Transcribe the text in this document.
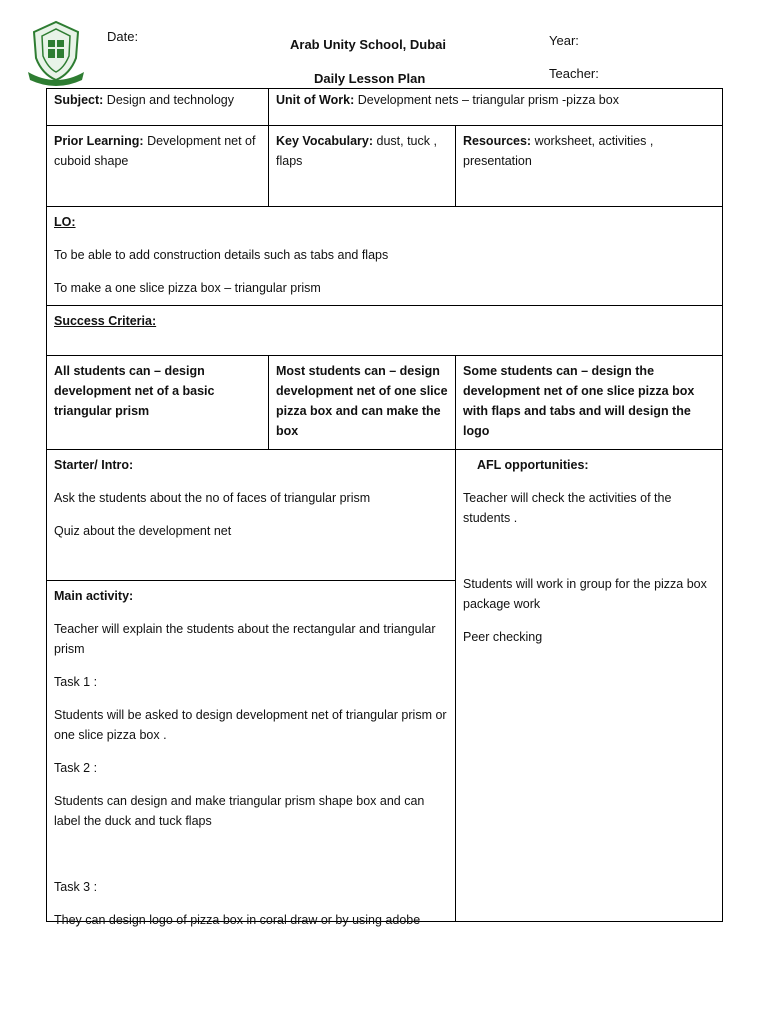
Date:
Arab Unity School, Dubai
Daily Lesson Plan
Year:
Teacher:
Subject: Design and technology	Unit of Work: Development nets – triangular prism -pizza box
Prior Learning: Development net of cuboid shape
Key Vocabulary: dust, tuck , flaps
Resources: worksheet, activities , presentation

LO:

To be able to add construction details such as tabs and flaps

To make a one slice pizza box – triangular prism

Success Criteria:

All students can – design development net of a basic triangular prism
Most students can – design development net of one slice pizza box and can make the box
Some students can – design the development net of one slice pizza box with flaps and tabs and will design the logo

Starter/ Intro:

Ask the students about the no of faces of triangular prism

Quiz about the development net

AFL opportunities:

Teacher will check the activities of the students .

Students will work in group for the pizza box package work

Peer checking

Main activity:

Teacher will explain the students about the rectangular and triangular prism

Task 1 :

Students will be asked to design development net of triangular prism or one slice pizza box .

Task 2 :

Students can design and make triangular prism shape box and can label the duck and tuck flaps

Task 3 :

They can design logo of pizza box in coral draw or by using adobe
